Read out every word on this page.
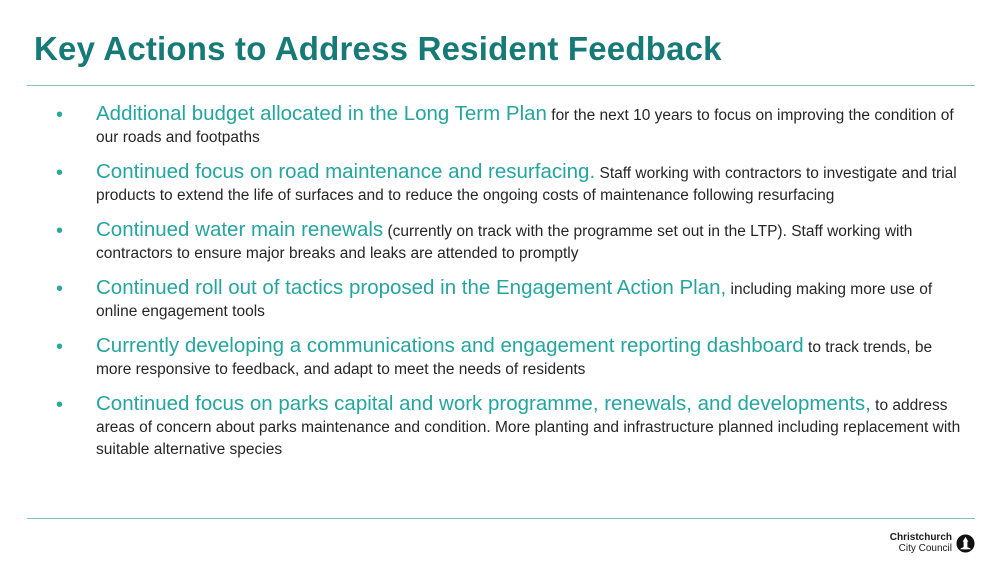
Key Actions to Address Resident Feedback
• Additional budget allocated in the Long Term Plan for the next 10 years to focus on improving the condition of our roads and footpaths
• Continued focus on road maintenance and resurfacing. Staff working with contractors to investigate and trial products to extend the life of surfaces and to reduce the ongoing costs of maintenance following resurfacing
• Continued water main renewals (currently on track with the programme set out in the LTP). Staff working with contractors to ensure major breaks and leaks are attended to promptly
• Continued roll out of tactics proposed in the Engagement Action Plan, including making more use of online engagement tools
• Currently developing a communications and engagement reporting dashboard to track trends, be more responsive to feedback, and adapt to meet the needs of residents
• Continued focus on parks capital and work programme, renewals, and developments, to address areas of concern about parks maintenance and condition. More planting and infrastructure planned including replacement with suitable alternative species
Christchurch
City Council
